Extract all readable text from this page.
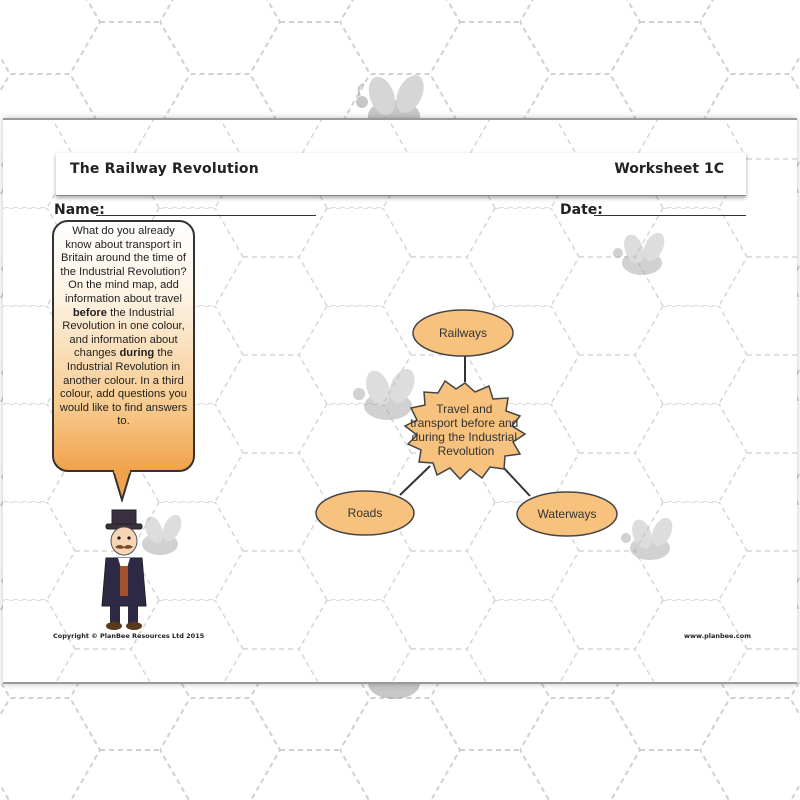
The Railway Revolution	Worksheet 1C
Name:	Date:
What do you already know about transport in Britain around the time of the Industrial Revolution? On the mind map, add information about travel before the Industrial Revolution in one colour, and information about changes during the Industrial Revolution in another colour. In a third colour, add questions you would like to find answers to.
Travel and transport before and during the Industrial Revolution
Railways
Roads	Waterways
Copyright © PlanBee Resources Ltd 2015	www.planbee.com
